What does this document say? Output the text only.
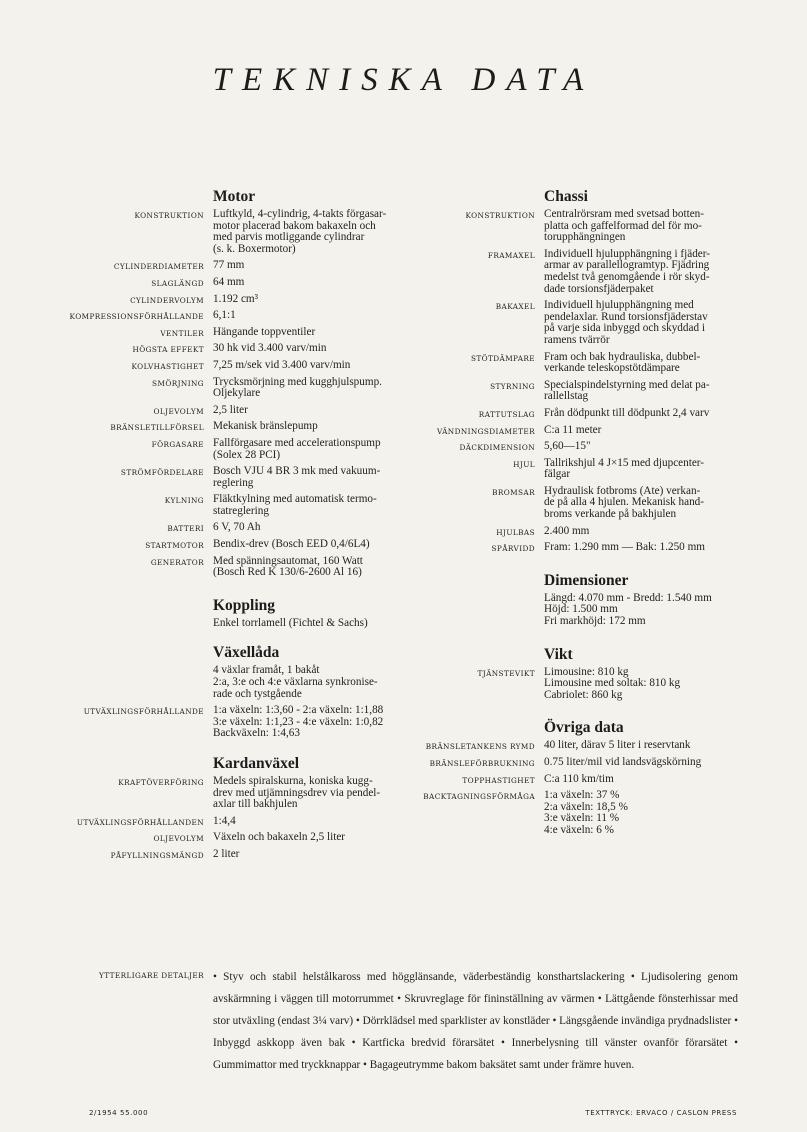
TEKNISKA DATA
Motor
KONSTRUKTION Luftkyld, 4-cylindrig, 4-takts förgasar-
motor placerad bakom bakaxeln och
med parvis motliggande cylindrar
(s. k. Boxermotor)
CYLINDERDIAMETER 77 mm
SLAGLÄNGD 64 mm
CYLINDERVOLYM 1.192 cm³
KOMPRESSIONSFÖRHÅLLANDE 6,1:1
VENTILER Hängande toppventiler
HÖGSTA EFFEKT 30 hk vid 3.400 varv/min
KOLVHASTIGHET 7,25 m/sek vid 3.400 varv/min
SMÖRJNING Trycksmörjning med kugghjulspump.
Oljekylare
OLJEVOLYM 2,5 liter
BRÄNSLETILLFÖRSEL Mekanisk bränslepump
FÖRGASARE Fallförgasare med accelerationspump
(Solex 28 PCI)
STRÖMFÖRDELARE Bosch VJU 4 BR 3 mk med vakuum-
reglering
KYLNING Fläktkylning med automatisk termo-
statreglering
BATTERI 6 V, 70 Ah
STARTMOTOR Bendix-drev (Bosch EED 0,4/6L4)
GENERATOR Med spänningsautomat, 160 Watt
(Bosch Red K 130/6-2600 Al 16)
Koppling
Enkel torrlamell (Fichtel & Sachs)
Växellåda
4 växlar framåt, 1 bakåt
2:a, 3:e och 4:e växlarna synkronise-
rade och tystgående
UTVÄXLINGSFÖRHÅLLANDE 1:a växeln: 1:3,60 - 2:a växeln: 1:1,88
3:e växeln: 1:1,23 - 4:e växeln: 1:0,82
Backväxeln: 1:4,63
Kardanväxel
KRAFTÖVERFÖRING Medels spiralskurna, koniska kugg-
drev med utjämningsdrev via pendel-
axlar till bakhjulen
UTVÄXLINGSFÖRHÅLLANDEN 1:4,4
OLJEVOLYM Växeln och bakaxeln 2,5 liter
PÅFYLLNINGSMÄNGD 2 liter
Chassi
KONSTRUKTION Centralrörsram med svetsad botten-
platta och gaffelformad del för mo-
torupphängningen
FRAMAXEL Individuell hjulupphängning i fjäder-
armar av parallellogramtyp. Fjädring
medelst två genomgående i rör skyd-
dade torsionsfjäderpaket
BAKAXEL Individuell hjulupphängning med
pendelaxlar. Rund torsionsfjäderstav
på varje sida inbyggd och skyddad i
ramens tvärrör
STÖTDÄMPARE Fram och bak hydrauliska, dubbel-
verkande teleskopstötdämpare
STYRNING Specialspindelstyrning med delat pa-
rallellstag
RATTUTSLAG Från dödpunkt till dödpunkt 2,4 varv
VÄNDNINGSDIAMETER C:a 11 meter
DÄCKDIMENSION 5,60—15"
HJUL Tallrikshjul 4 J×15 med djupcenter-
fälgar
BROMSAR Hydraulisk fotbroms (Ate) verkan-
de på alla 4 hjulen. Mekanisk hand-
broms verkande på bakhjulen
HJULBAS 2.400 mm
SPÅRVIDD Fram: 1.290 mm — Bak: 1.250 mm
Dimensioner
Längd: 4.070 mm - Bredd: 1.540 mm
Höjd: 1.500 mm
Fri markhöjd: 172 mm
Vikt
TJÄNSTEVIKT Limousine: 810 kg
Limousine med soltak: 810 kg
Cabriolet: 860 kg
Övriga data
BRÄNSLETANKENS RYMD 40 liter, därav 5 liter i reservtank
BRÄNSLEFÖRBRUKNING 0.75 liter/mil vid landsvägskörning
TOPPHASTIGHET C:a 110 km/tim
BACKTAGNINGSFÖRMÅGA 1:a växeln: 37 %
2:a växeln: 18,5 %
3:e växeln: 11 %
4:e växeln: 6 %
YTTERLIGARE DETALJER • Styv och stabil helstålkaross med högglänsande, väderbeständig konsthartslackering • Ljudisolering genom avskärmning i väggen till motorrummet • Skruvreglage för fininställning av värmen • Lättgående fönsterhissar med stor utväxling (endast 3¼ varv) • Dörrklädsel med sparklister av konstläder • Längsgående invändiga prydnadslister • Inbyggd askkopp även bak • Kartficka bredvid förarsätet • Innerbelysning till vänster ovanför förarsätet • Gummimattor med tryckknappar • Bagageutrymme bakom baksätet samt under främre huven.
2/1954 55.000	TEXTTRYCK: ERVACO / CASLON PRESS
